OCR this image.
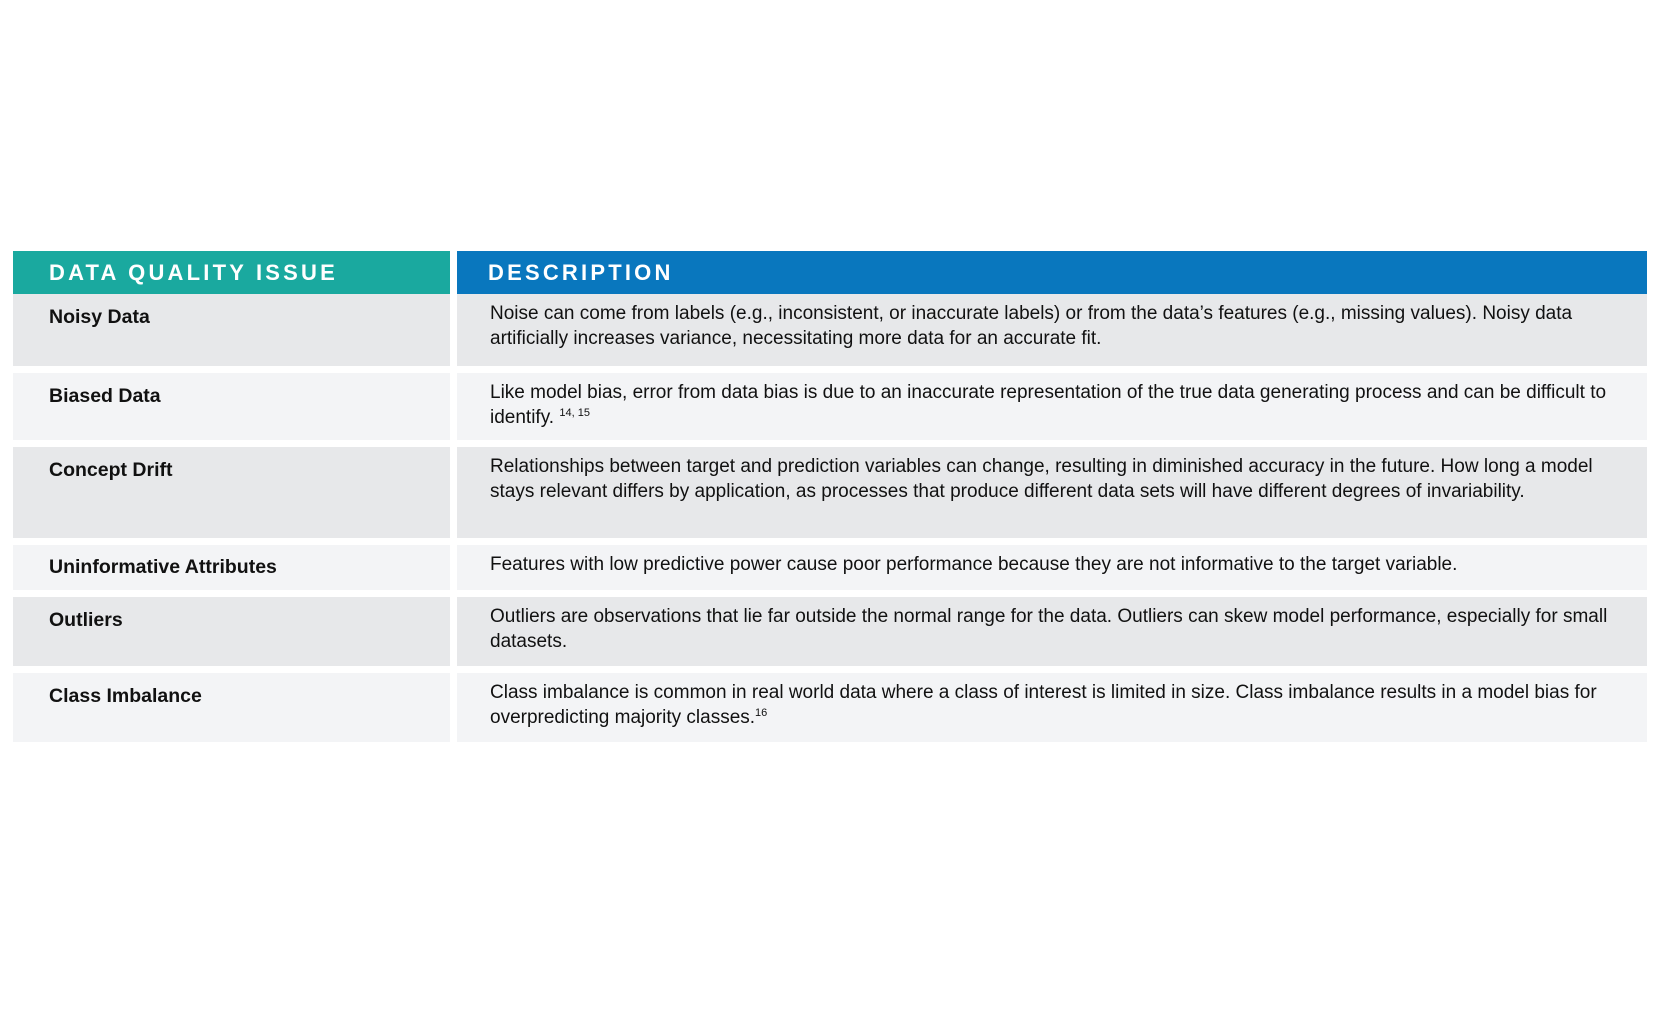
DATA QUALITY ISSUE	DESCRIPTION
Noisy Data	Noise can come from labels (e.g., inconsistent, or inaccurate labels) or from the data’s features (e.g., missing values). Noisy data artificially increases variance, necessitating more data for an accurate fit.
Biased Data	Like model bias, error from data bias is due to an inaccurate representation of the true data generating process and can be difficult to identify. $^{14, 15}$
Concept Drift	Relationships between target and prediction variables can change, resulting in diminished accuracy in the future. How long a model stays relevant differs by application, as processes that produce different data sets will have different degrees of invariability.
Uninformative Attributes	Features with low predictive power cause poor performance because they are not informative to the target variable.
Outliers	Outliers are observations that lie far outside the normal range for the data. Outliers can skew model performance, especially for small datasets.
Class Imbalance	Class imbalance is common in real world data where a class of interest is limited in size. Class imbalance results in a model bias for overpredicting majority classes.$^{16}$
